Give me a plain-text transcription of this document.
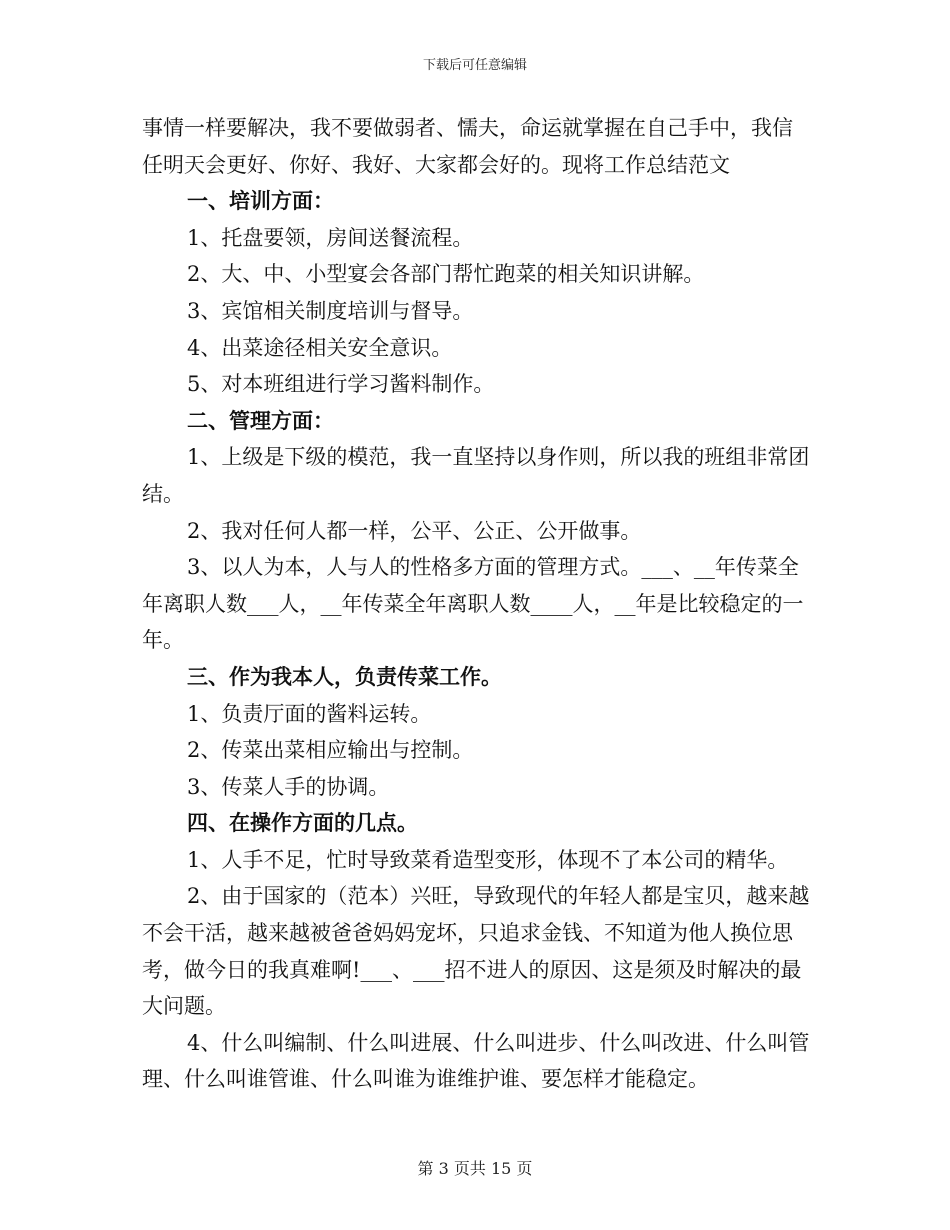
下载后可任意编辑

事情一样要解决，我不要做弱者、懦夫，命运就掌握在自己手中，我信任明天会更好、你好、我好、大家都会好的。现将工作总结范文

一、培训方面：

1、托盘要领，房间送餐流程。

2、大、中、小型宴会各部门帮忙跑菜的相关知识讲解。

3、宾馆相关制度培训与督导。

4、出菜途径相关安全意识。

5、对本班组进行学习酱料制作。

二、管理方面：

1、上级是下级的模范，我一直坚持以身作则，所以我的班组非常团结。

2、我对任何人都一样，公平、公正、公开做事。

3、以人为本，人与人的性格多方面的管理方式。___、__年传菜全年离职人数___人，__年传菜全年离职人数____人，__年是比较稳定的一年。

三、作为我本人，负责传菜工作。

1、负责厅面的酱料运转。

2、传菜出菜相应输出与控制。

3、传菜人手的协调。

四、在操作方面的几点。

1、人手不足，忙时导致菜肴造型变形，体现不了本公司的精华。

2、由于国家的（范本）兴旺，导致现代的年轻人都是宝贝，越来越不会干活，越来越被爸爸妈妈宠坏，只追求金钱、不知道为他人换位思考，做今日的我真难啊!___、___招不进人的原因、这是须及时解决的最大问题。

4、什么叫编制、什么叫进展、什么叫进步、什么叫改进、什么叫管理、什么叫谁管谁、什么叫谁为谁维护谁、要怎样才能稳定。

第 3 页共 15 页
